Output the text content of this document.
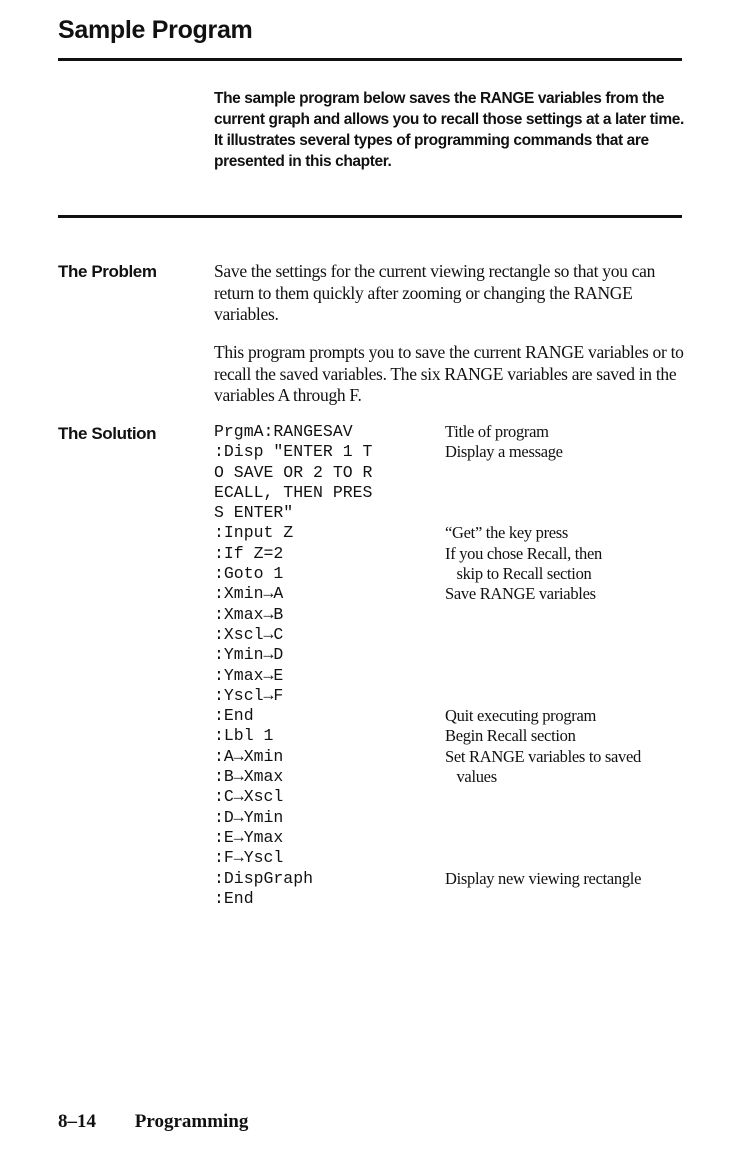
Sample Program

The sample program below saves the RANGE variables from the current graph and allows you to recall those settings at a later time. It illustrates several types of programming commands that are presented in this chapter.

The Problem	Save the settings for the current viewing rectangle so that you can return to them quickly after zooming or changing the RANGE variables.

This program prompts you to save the current RANGE variables or to recall the saved variables. The six RANGE variables are saved in the variables A through F.

The Solution	PrgmA:RANGESAV	Title of program
:Disp "ENTER 1 T	Display a message
O SAVE OR 2 TO R
ECALL, THEN PRES
S ENTER"
:Input Z	“Get” the key press
:If Z=2	If you chose Recall, then
:Goto 1	skip to Recall section
:Xmin→A	Save RANGE variables
:Xmax→B
:Xscl→C
:Ymin→D
:Ymax→E
:Yscl→F
:End	Quit executing program
:Lbl 1	Begin Recall section
:A→Xmin	Set RANGE variables to saved
:B→Xmax	values
:C→Xscl
:D→Ymin
:E→Ymax
:F→Yscl
:DispGraph	Display new viewing rectangle
:End
8–14 Programming
